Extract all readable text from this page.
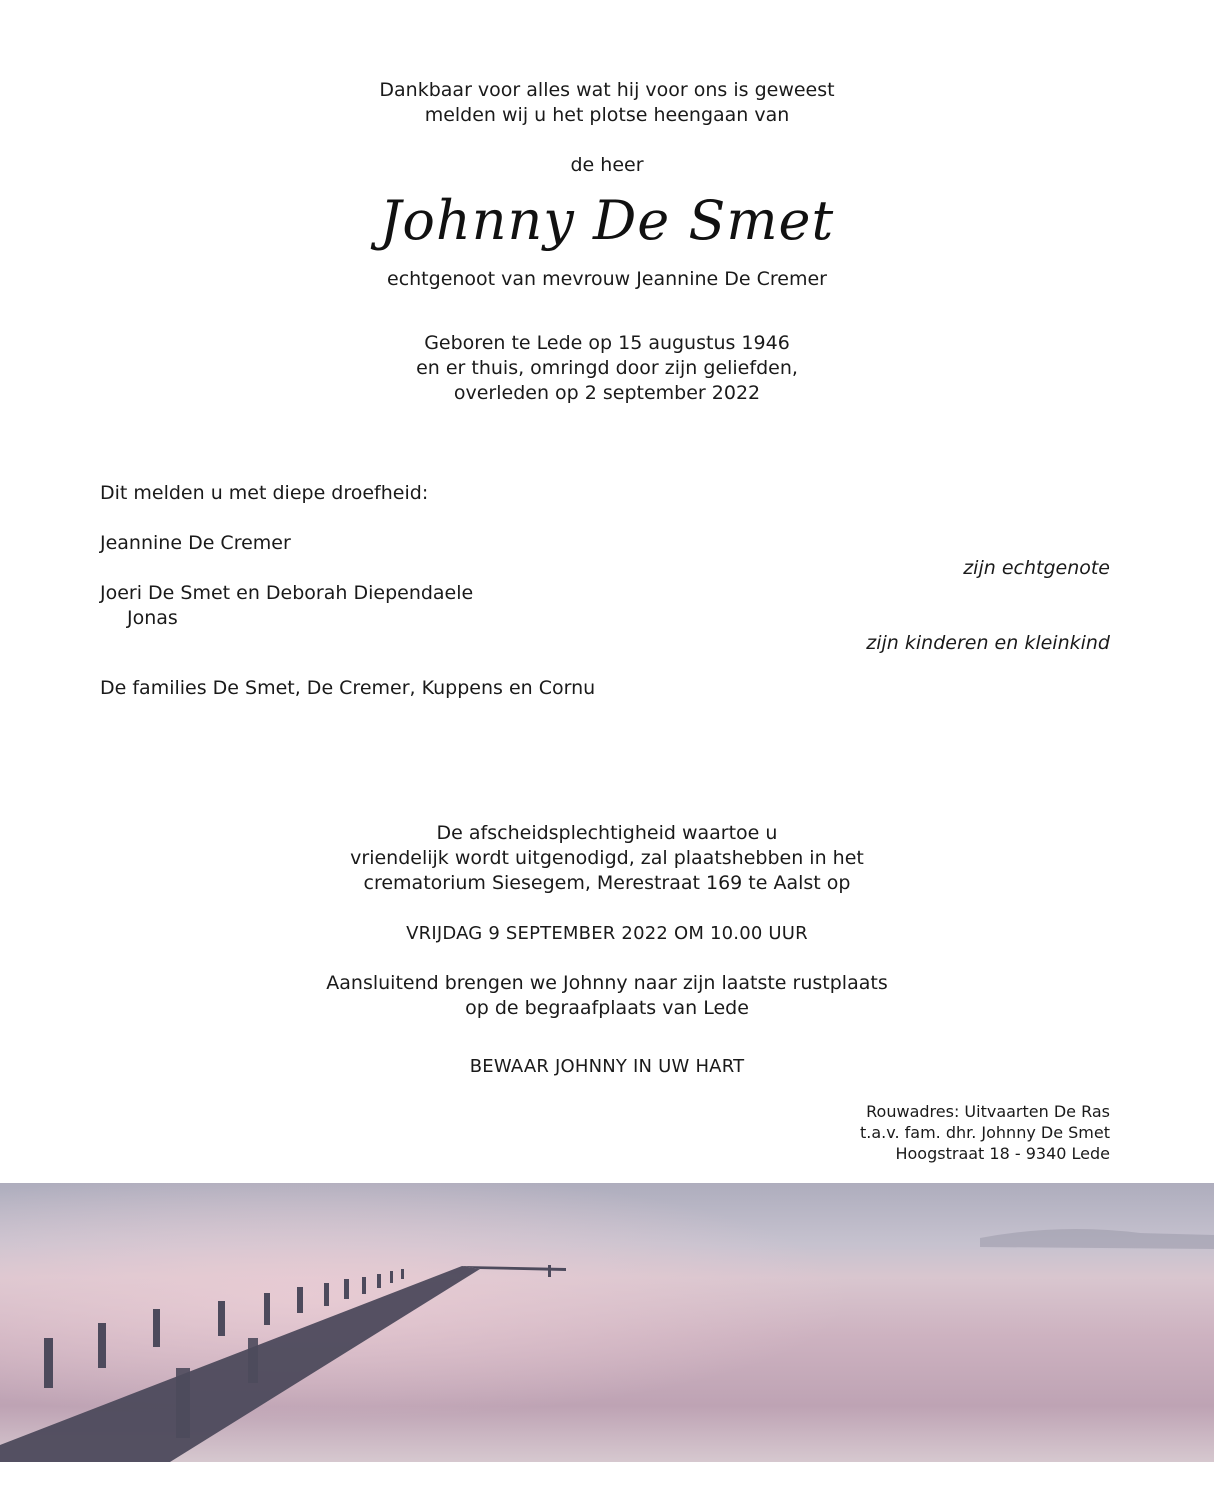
Dankbaar voor alles wat hij voor ons is geweest
melden wij u het plotse heengaan van
de heer
Johnny De Smet
echtgenoot van mevrouw Jeannine De Cremer
Geboren te Lede op 15 augustus 1946
en er thuis, omringd door zijn geliefden,
overleden op 2 september 2022
Dit melden u met diepe droefheid:
Jeannine De Cremer
zijn echtgenote
Joeri De Smet en Deborah Diependaele
Jonas
zijn kinderen en kleinkind
De families De Smet, De Cremer, Kuppens en Cornu
De afscheidsplechtigheid waartoe u
vriendelijk wordt uitgenodigd, zal plaatshebben in het
crematorium Siesegem, Merestraat 169 te Aalst op
VRIJDAG 9 SEPTEMBER 2022 OM 10.00 UUR
Aansluitend brengen we Johnny naar zijn laatste rustplaats
op de begraafplaats van Lede
BEWAAR JOHNNY IN UW HART
Rouwadres: Uitvaarten De Ras
t.a.v. fam. dhr. Johnny De Smet
Hoogstraat 18 - 9340 Lede
